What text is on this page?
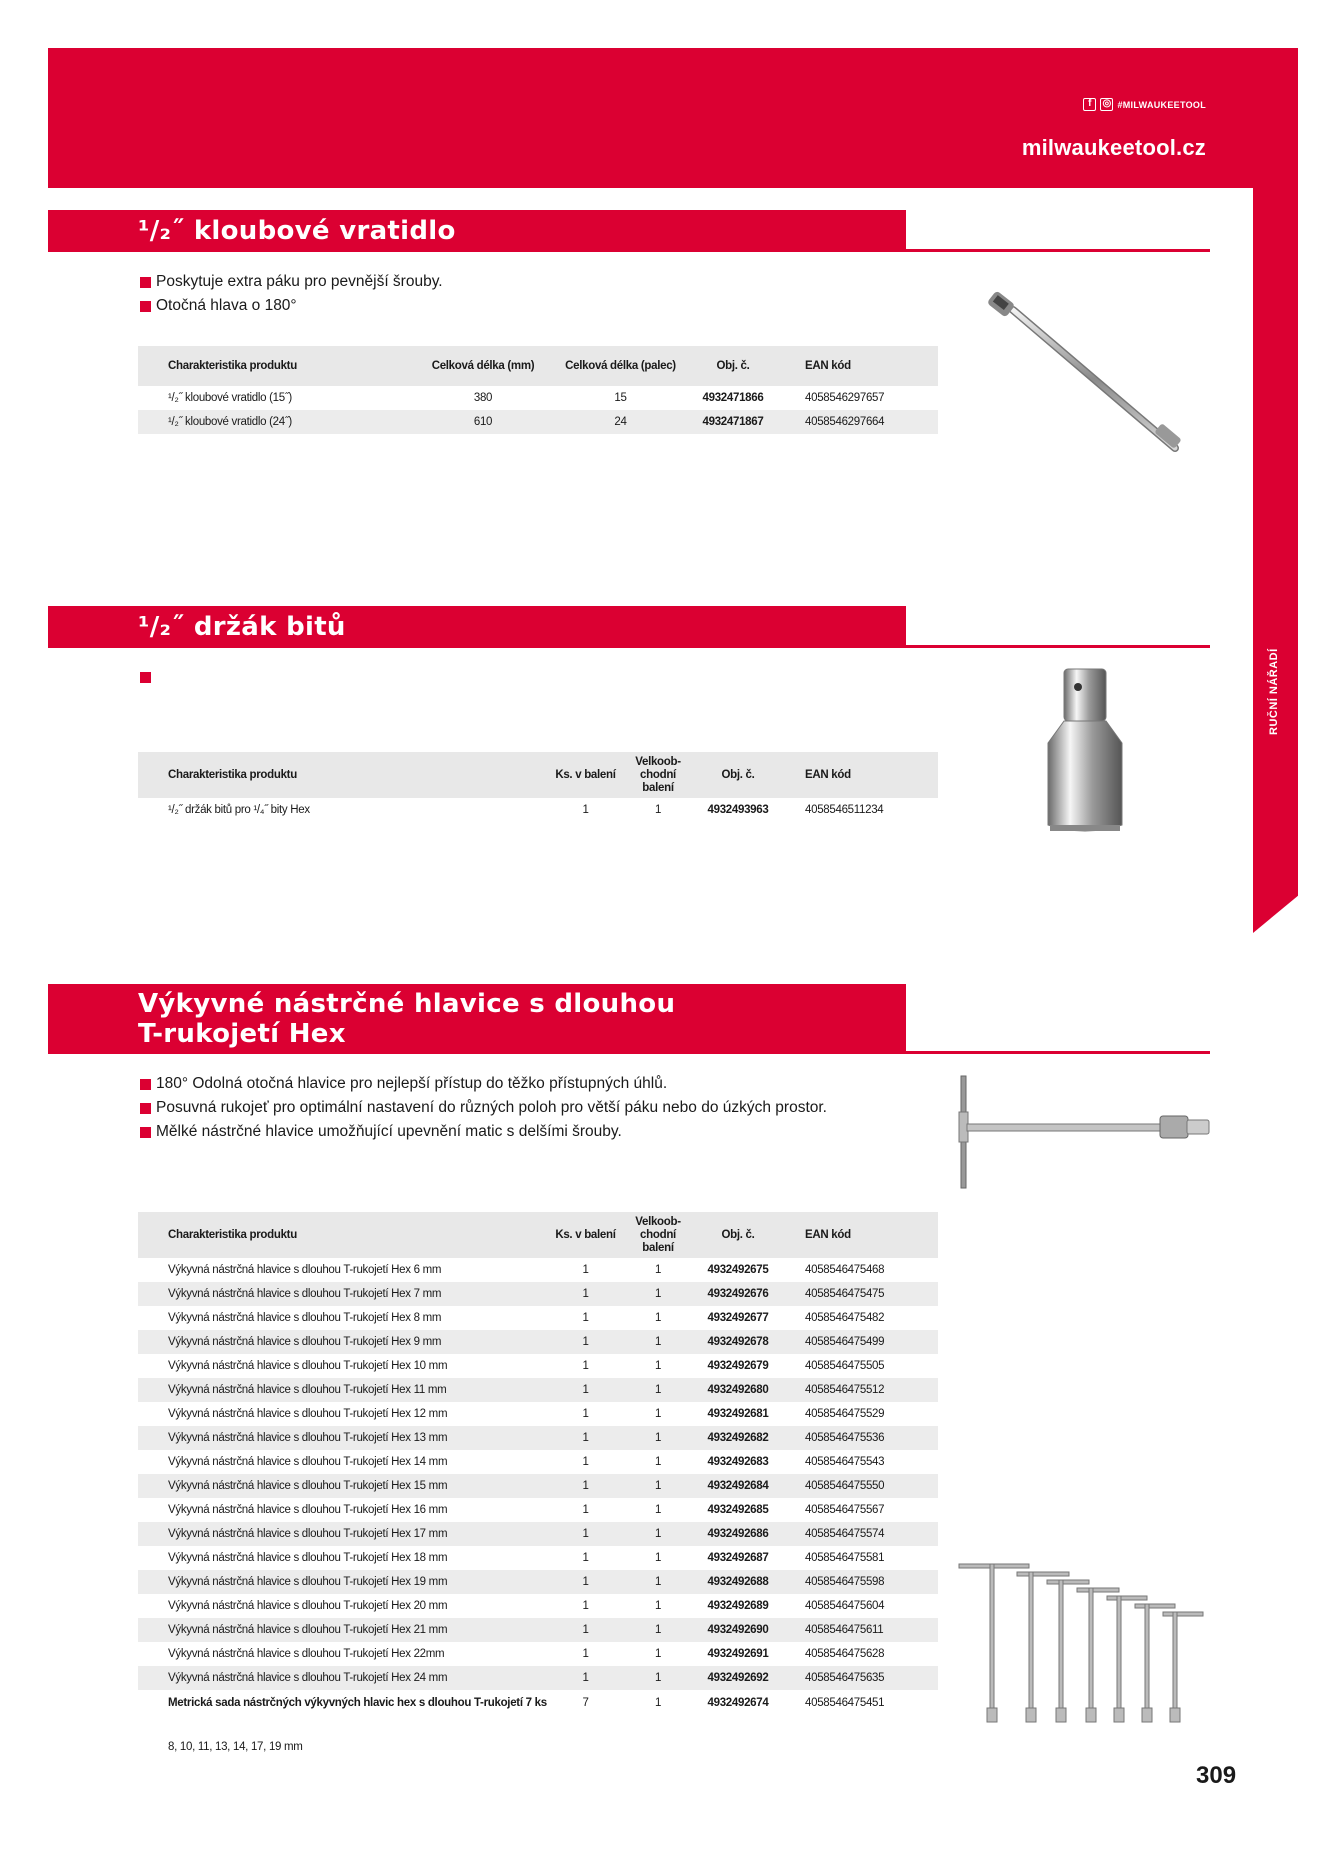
f	◎ #MILWAUKEETOOL
milwaukeetool.cz
RUČNÍ NÁŘADÍ
¹/₂˝ kloubové vratidlo
Poskytuje extra páku pro pevnější šrouby.
Otočná hlava o 180°
Charakteristika produktu	Celková délka (mm)	Celková délka (palec)	Obj. č.	EAN kód
¹/₂˝ kloubové vratidlo (15˝)	380	15	4932471866	4058546297657
¹/₂˝ kloubové vratidlo (24˝)	610	24	4932471867	4058546297664
¹/₂˝ držák bitů
Charakteristika produktu	Ks. v balení	Velkoob-chodní balení	Obj. č.	EAN kód
¹/₂˝ držák bitů pro ¹/₄˝ bity Hex	1	1	4932493963	4058546511234
Výkyvné nástrčné hlavice s dlouhou
T-rukojetí Hex
180° Odolná otočná hlavice pro nejlepší přístup do těžko přístupných úhlů.
Posuvná rukojeť pro optimální nastavení do různých poloh pro větší páku nebo do úzkých prostor.
Mělké nástrčné hlavice umožňující upevnění matic s delšími šrouby.
Charakteristika produktu	Ks. v balení	Velkoob-chodní balení	Obj. č.	EAN kód
Výkyvná nástrčná hlavice s dlouhou T-rukojetí Hex 6 mm	1	1	4932492675	4058546475468
Výkyvná nástrčná hlavice s dlouhou T-rukojetí Hex 7 mm	1	1	4932492676	4058546475475
Výkyvná nástrčná hlavice s dlouhou T-rukojetí Hex 8 mm	1	1	4932492677	4058546475482
Výkyvná nástrčná hlavice s dlouhou T-rukojetí Hex 9 mm	1	1	4932492678	4058546475499
Výkyvná nástrčná hlavice s dlouhou T-rukojetí Hex 10 mm	1	1	4932492679	4058546475505
Výkyvná nástrčná hlavice s dlouhou T-rukojetí Hex 11 mm	1	1	4932492680	4058546475512
Výkyvná nástrčná hlavice s dlouhou T-rukojetí Hex 12 mm	1	1	4932492681	4058546475529
Výkyvná nástrčná hlavice s dlouhou T-rukojetí Hex 13 mm	1	1	4932492682	4058546475536
Výkyvná nástrčná hlavice s dlouhou T-rukojetí Hex 14 mm	1	1	4932492683	4058546475543
Výkyvná nástrčná hlavice s dlouhou T-rukojetí Hex 15 mm	1	1	4932492684	4058546475550
Výkyvná nástrčná hlavice s dlouhou T-rukojetí Hex 16 mm	1	1	4932492685	4058546475567
Výkyvná nástrčná hlavice s dlouhou T-rukojetí Hex 17 mm	1	1	4932492686	4058546475574
Výkyvná nástrčná hlavice s dlouhou T-rukojetí Hex 18 mm	1	1	4932492687	4058546475581
Výkyvná nástrčná hlavice s dlouhou T-rukojetí Hex 19 mm	1	1	4932492688	4058546475598
Výkyvná nástrčná hlavice s dlouhou T-rukojetí Hex 20 mm	1	1	4932492689	4058546475604
Výkyvná nástrčná hlavice s dlouhou T-rukojetí Hex 21 mm	1	1	4932492690	4058546475611
Výkyvná nástrčná hlavice s dlouhou T-rukojetí Hex 22mm	1	1	4932492691	4058546475628
Výkyvná nástrčná hlavice s dlouhou T-rukojetí Hex 24 mm	1	1	4932492692	4058546475635
Metrická sada nástrčných výkyvných hlavic hex s dlouhou T-rukojetí 7 ks	7	1	4932492674	4058546475451
8, 10, 11, 13, 14, 17, 19 mm
309
